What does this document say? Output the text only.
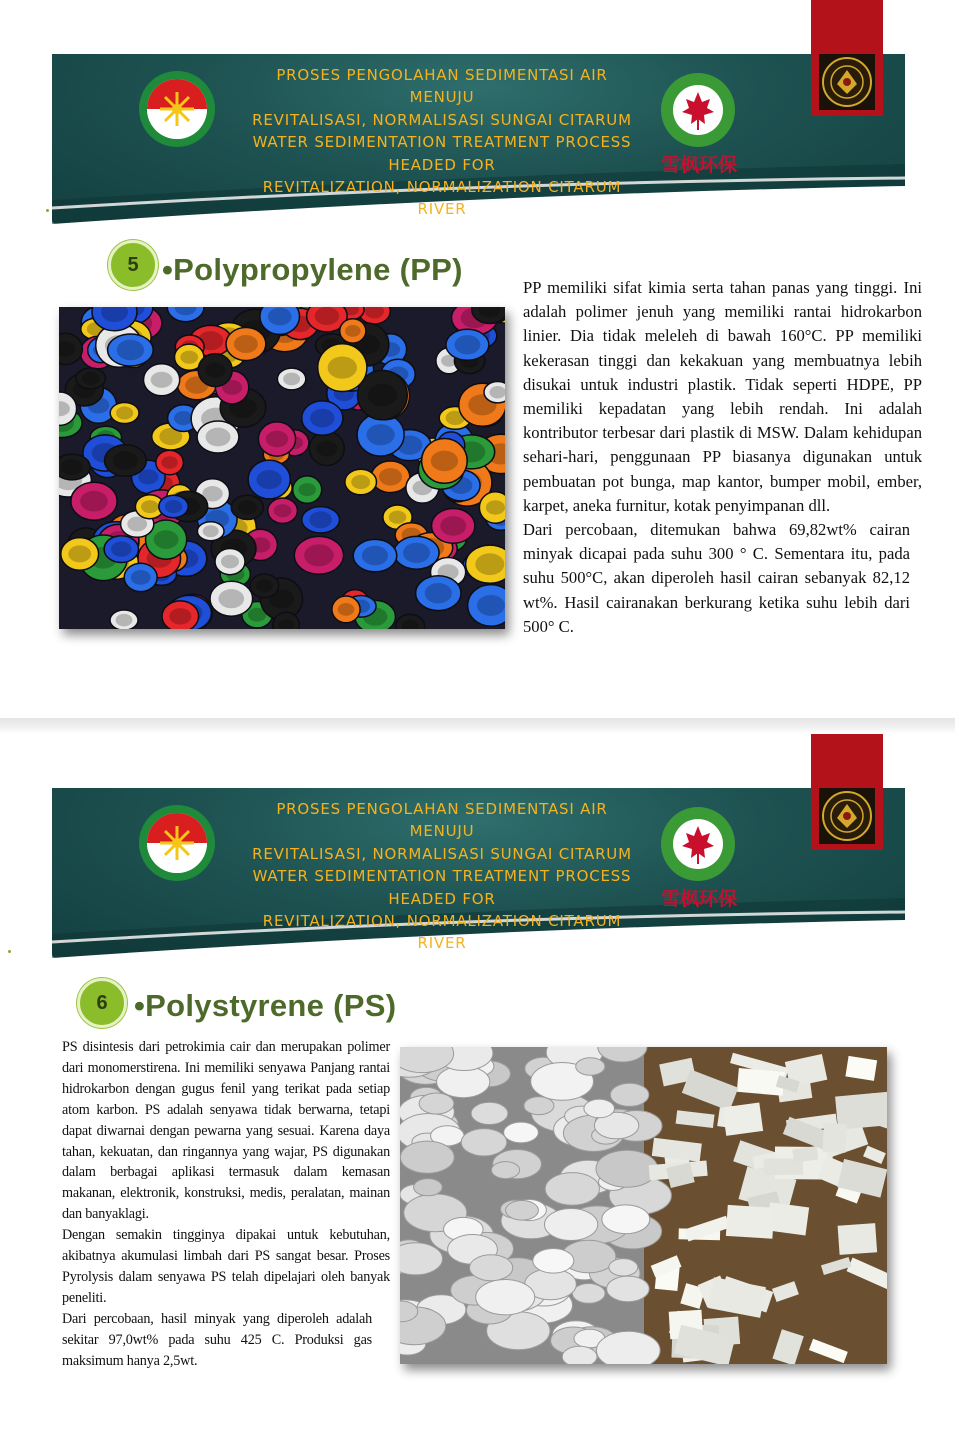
PROSES PENGOLAHAN SEDIMENTASI AIR
MENUJU
REVITALISASI, NORMALISASI SUNGAI CITARUM
WATER SEDIMENTATION TREATMENT PROCESS
HEADED FOR
REVITALIZATION, NORMALIZATION CITARUM
RIVER
雪枫环保
5 •Polypropylene (PP)

PP memiliki sifat kimia serta tahan panas yang tinggi. Ini adalah polimer jenuh yang memiliki rantai hidrokarbon linier. Dia tidak meleleh di bawah 160°C. PP memiliki kekerasan tinggi dan kekakuan yang membuatnya lebih disukai untuk industri plastik. Tidak seperti HDPE, PP memiliki kepadatan yang lebih rendah. Ini adalah kontributor terbesar dari plastik di MSW. Dalam kehidupan sehari-hari, penggunaan PP biasanya digunakan untuk pembuatan pot bunga, map kantor, bumper mobil, ember, karpet, aneka furnitur, kotak penyimpanan dll.

Dari percobaan, ditemukan bahwa 69,82wt% cairan minyak dicapai pada suhu 300 ° C. Sementara itu, pada suhu 500°C, akan diperoleh hasil cairan sebanyak 82,12 wt%. Hasil cairanakan berkurang ketika suhu lebih dari 500° C.

PROSES PENGOLAHAN SEDIMENTASI AIR
MENUJU
REVITALISASI, NORMALISASI SUNGAI CITARUM
WATER SEDIMENTATION TREATMENT PROCESS
HEADED FOR
REVITALIZATION, NORMALIZATION CITARUM
RIVER
雪枫环保
6 •Polystyrene (PS)

PS disintesis dari petrokimia cair dan merupakan polimer dari monomerstirena. Ini memiliki senyawa Panjang rantai hidrokarbon dengan gugus fenil yang terikat pada setiap atom karbon. PS adalah senyawa tidak berwarna, tetapi dapat diwarnai dengan pewarna yang sesuai. Karena daya tahan, kekuatan, dan ringannya yang wajar, PS digunakan dalam berbagai aplikasi termasuk dalam kemasan makanan, elektronik, konstruksi, medis, peralatan, mainan dan banyaklagi.

Dengan semakin tingginya dipakai untuk kebutuhan, akibatnya akumulasi limbah dari PS sangat besar. Proses Pyrolysis dalam senyawa PS telah dipelajari oleh banyak peneliti.

Dari percobaan, hasil minyak yang diperoleh adalah sekitar 97,0wt% pada suhu 425 C. Produksi gas maksimum hanya 2,5wt.
